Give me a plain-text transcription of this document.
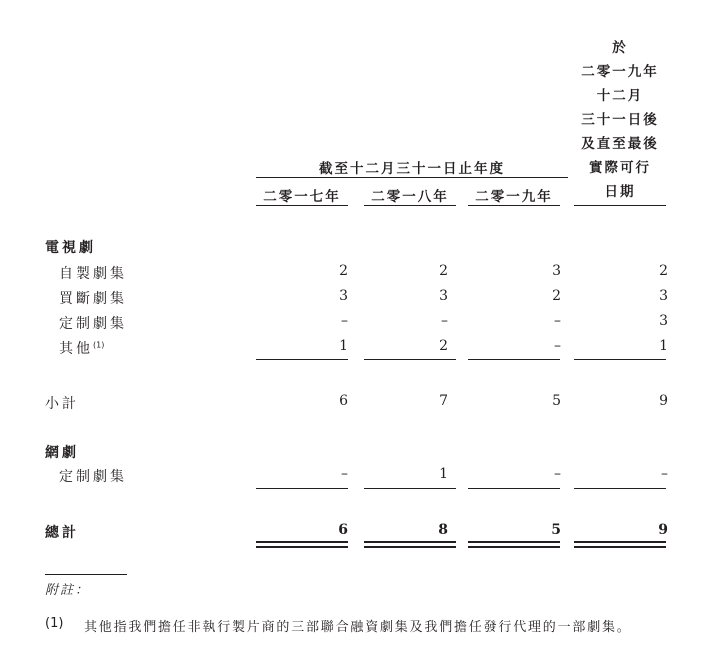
於
二零一九年
十二月
三十一日後
及直至最後
實際可行
日期
截至十二月三十一日止年度
二零一七年	二零一八年	二零一九年
電視劇
自製劇集	2	2	3	2
買斷劇集	3	3	2	3
定制劇集	–	–	–	3
其他$^{(1)}$	1	2	–	1
小計	6	7	5	9
網劇
定制劇集	–	1	–	–
總計	6	8	5	9
附註：
(1) 其他指我們擔任非執行製片商的三部聯合融資劇集及我們擔任發行代理的一部劇集。
